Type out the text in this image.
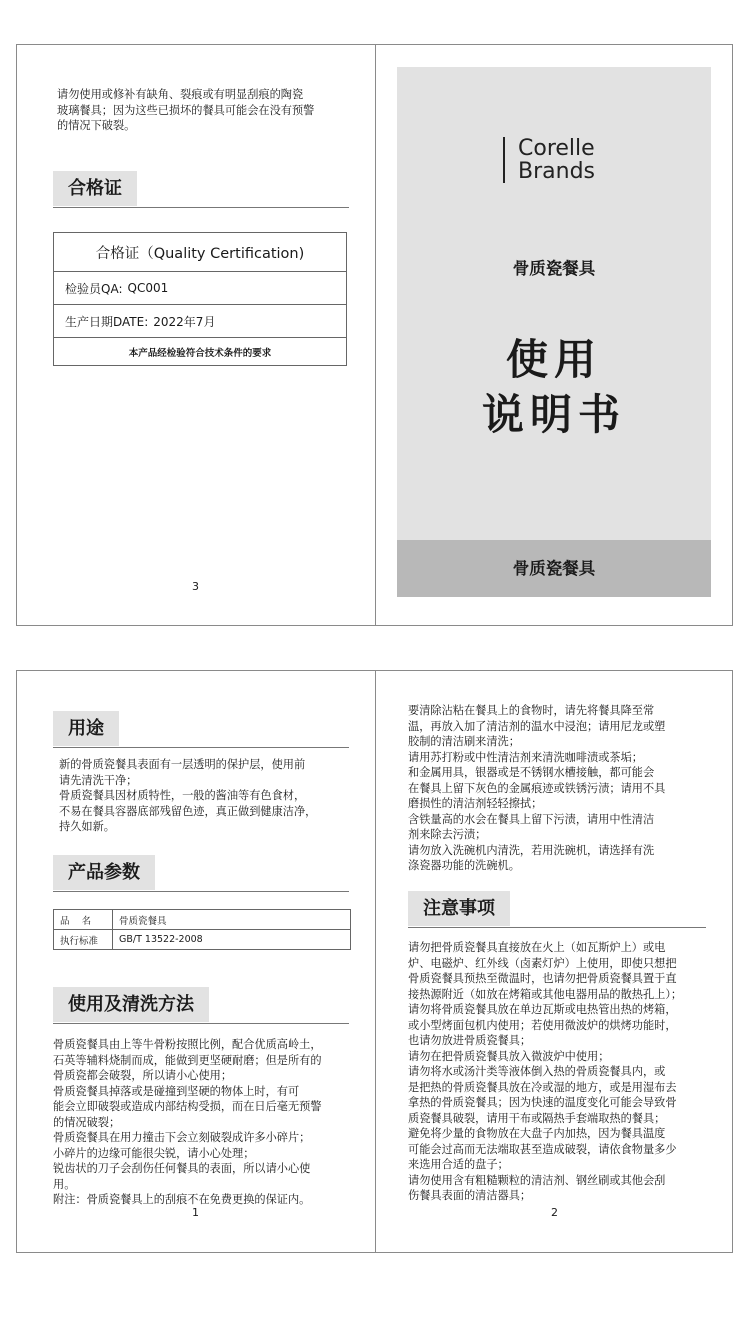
请勿使用或修补有缺角、裂痕或有明显刮痕的陶瓷
玻璃餐具；因为这些已损坏的餐具可能会在没有预警
的情况下破裂。

合格证
合格证（Quality Certification)
检验员QA: QC001
生产日期DATE: 2022年7月
本产品经检验符合技术条件的要求
3
Corelle
Brands
骨质瓷餐具
使用
说明书
骨质瓷餐具
用途

新的骨质瓷餐具表面有一层透明的保护层，使用前
请先清洗干净；
骨质瓷餐具因材质特性，一般的酱油等有色食材，
不易在餐具容器底部残留色迹，真正做到健康洁净，
持久如新。

产品参数
品    名	骨质瓷餐具
执行标准	GB/T 13522-2008
使用及清洗方法

骨质瓷餐具由上等牛骨粉按照比例，配合优质高岭土，
石英等辅料烧制而成，能做到更坚硬耐磨；但是所有的
骨质瓷都会破裂，所以请小心使用；
骨质瓷餐具掉落或是碰撞到坚硬的物体上时，有可
能会立即破裂或造成内部结构受损，而在日后毫无预警
的情况破裂；
骨质瓷餐具在用力撞击下会立刻破裂成许多小碎片；
小碎片的边缘可能很尖锐，请小心处理；
锐齿状的刀子会刮伤任何餐具的表面，所以请小心使
用。
附注：骨质瓷餐具上的刮痕不在免费更换的保证内。

1

要清除沾粘在餐具上的食物时，请先将餐具降至常
温，再放入加了清洁剂的温水中浸泡；请用尼龙或塑
胶制的清洁刷来清洗；
请用苏打粉或中性清洁剂来清洗咖啡渍或茶垢；
和金属用具，银器或是不锈钢水槽接触，都可能会
在餐具上留下灰色的金属痕迹或铁锈污渍；请用不具
磨损性的清洁剂轻轻擦拭；
含铁量高的水会在餐具上留下污渍，请用中性清洁
剂来除去污渍；
请勿放入洗碗机内清洗，若用洗碗机，请选择有洗
涤瓷器功能的洗碗机。

注意事项

请勿把骨质瓷餐具直接放在火上（如瓦斯炉上）或电
炉、电磁炉、红外线（卤素灯炉）上使用，即使只想把
骨质瓷餐具预热至微温时，也请勿把骨质瓷餐具置于直
接热源附近（如放在烤箱或其他电器用品的散热孔上）；
请勿将骨质瓷餐具放在单边瓦斯或电热管出热的烤箱，
或小型烤面包机内使用；若使用微波炉的烘烤功能时，
也请勿放进骨质瓷餐具；
请勿在把骨质瓷餐具放入微波炉中使用；
请勿将水或汤汁类等液体倒入热的骨质瓷餐具内，或
是把热的骨质瓷餐具放在冷或湿的地方，或是用湿布去
拿热的骨质瓷餐具；因为快速的温度变化可能会导致骨
质瓷餐具破裂，请用干布或隔热手套端取热的餐具；
避免将少量的食物放在大盘子内加热，因为餐具温度
可能会过高而无法端取甚至造成破裂，请依食物量多少
来选用合适的盘子；
请勿使用含有粗糙颗粒的清洁剂、钢丝刷或其他会刮
伤餐具表面的清洁器具；

2
